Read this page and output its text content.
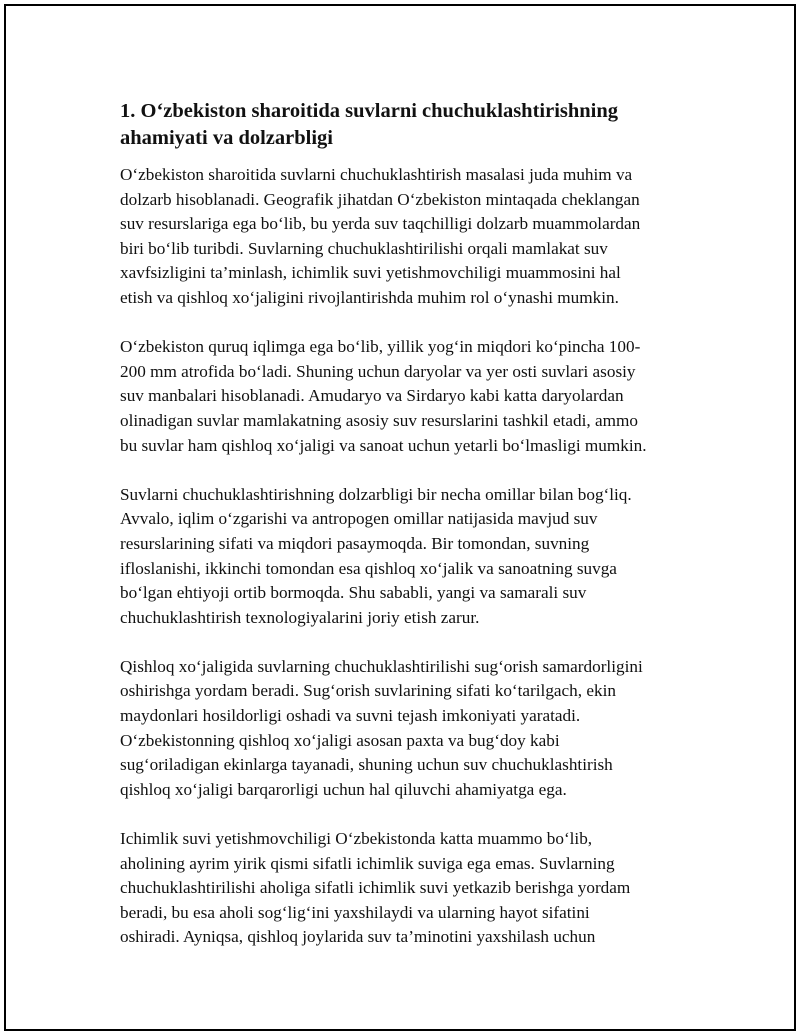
1. O‘zbekiston sharoitida suvlarni chuchuklashtirishning
ahamiyati va dolzarbligi

O‘zbekiston sharoitida suvlarni chuchuklashtirish masalasi juda muhim va
dolzarb hisoblanadi. Geografik jihatdan O‘zbekiston mintaqada cheklangan
suv resurslariga ega bo‘lib, bu yerda suv taqchilligi dolzarb muammolardan
biri bo‘lib turibdi. Suvlarning chuchuklashtirilishi orqali mamlakat suv
xavfsizligini ta’minlash, ichimlik suvi yetishmovchiligi muammosini hal
etish va qishloq xo‘jaligini rivojlantirishda muhim rol o‘ynashi mumkin.

O‘zbekiston quruq iqlimga ega bo‘lib, yillik yog‘in miqdori ko‘pincha 100-
200 mm atrofida bo‘ladi. Shuning uchun daryolar va yer osti suvlari asosiy
suv manbalari hisoblanadi. Amudaryo va Sirdaryo kabi katta daryolardan
olinadigan suvlar mamlakatning asosiy suv resurslarini tashkil etadi, ammo
bu suvlar ham qishloq xo‘jaligi va sanoat uchun yetarli bo‘lmasligi mumkin.

Suvlarni chuchuklashtirishning dolzarbligi bir necha omillar bilan bog‘liq.
Avvalo, iqlim o‘zgarishi va antropogen omillar natijasida mavjud suv
resurslarining sifati va miqdori pasaymoqda. Bir tomondan, suvning
ifloslanishi, ikkinchi tomondan esa qishloq xo‘jalik va sanoatning suvga
bo‘lgan ehtiyoji ortib bormoqda. Shu sababli, yangi va samarali suv
chuchuklashtirish texnologiyalarini joriy etish zarur.

Qishloq xo‘jaligida suvlarning chuchuklashtirilishi sug‘orish samardorligini
oshirishga yordam beradi. Sug‘orish suvlarining sifati ko‘tarilgach, ekin
maydonlari hosildorligi oshadi va suvni tejash imkoniyati yaratadi.
O‘zbekistonning qishloq xo‘jaligi asosan paxta va bug‘doy kabi
sug‘oriladigan ekinlarga tayanadi, shuning uchun suv chuchuklashtirish
qishloq xo‘jaligi barqarorligi uchun hal qiluvchi ahamiyatga ega.

Ichimlik suvi yetishmovchiligi O‘zbekistonda katta muammo bo‘lib,
aholining ayrim yirik qismi sifatli ichimlik suviga ega emas. Suvlarning
chuchuklashtirilishi aholiga sifatli ichimlik suvi yetkazib berishga yordam
beradi, bu esa aholi sog‘lig‘ini yaxshilaydi va ularning hayot sifatini
oshiradi. Ayniqsa, qishloq joylarida suv ta’minotini yaxshilash uchun
